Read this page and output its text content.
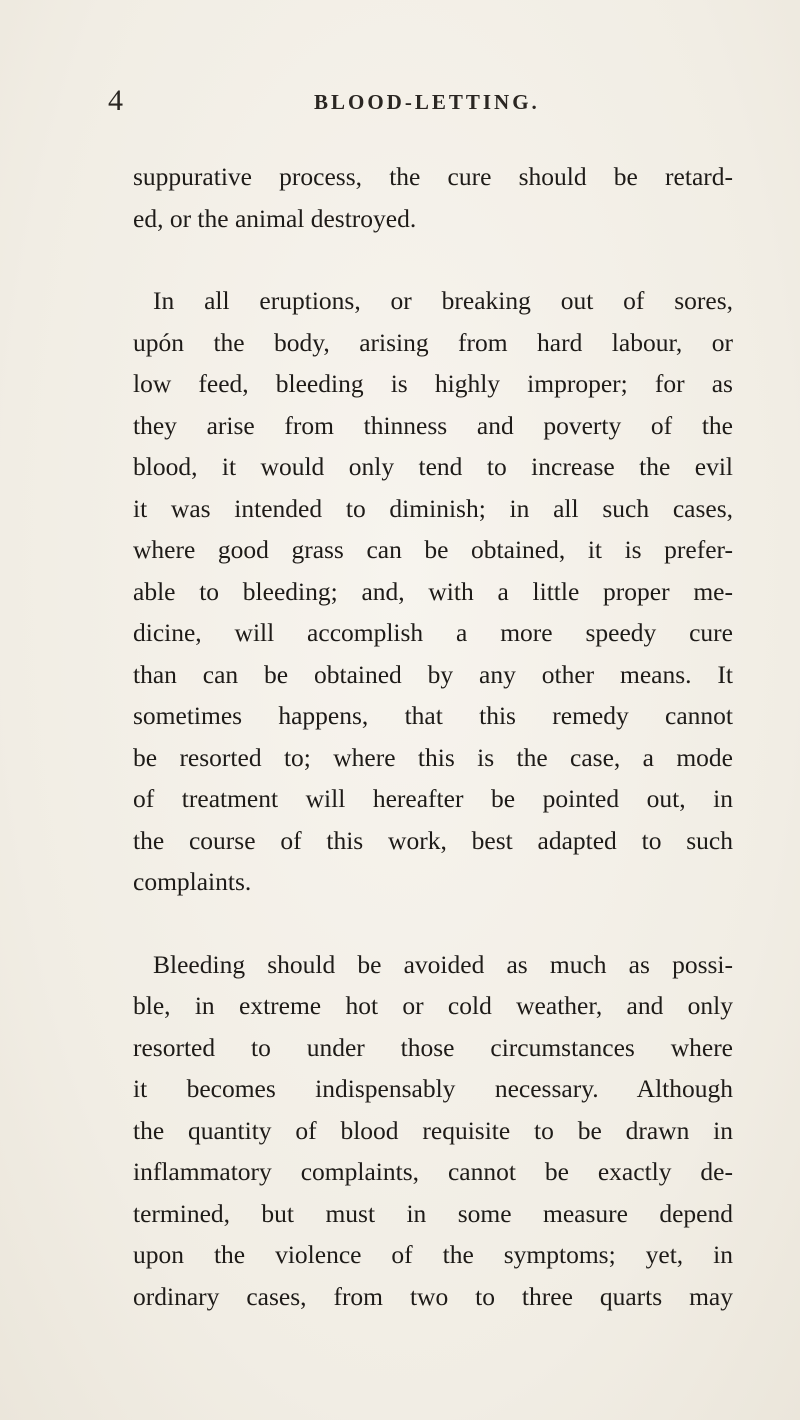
4	BLOOD-LETTING.

suppurative process, the cure should be retard-
ed, or the animal destroyed.

In all eruptions, or breaking out of sores,
upón the body, arising from hard labour, or
low feed, bleeding is highly improper; for as
they arise from thinness and poverty of the
blood, it would only tend to increase the evil
it was intended to diminish; in all such cases,
where good grass can be obtained, it is prefer-
able to bleeding; and, with a little proper me-
dicine, will accomplish a more speedy cure
than can be obtained by any other means. It
sometimes happens, that this remedy cannot
be resorted to; where this is the case, a mode
of treatment will hereafter be pointed out, in
the course of this work, best adapted to such
complaints.

Bleeding should be avoided as much as possi-
ble, in extreme hot or cold weather, and only
resorted to under those circumstances where
it becomes indispensably necessary. Although
the quantity of blood requisite to be drawn in
inflammatory complaints, cannot be exactly de-
termined, but must in some measure depend
upon the violence of the symptoms; yet, in
ordinary cases, from two to three quarts may
